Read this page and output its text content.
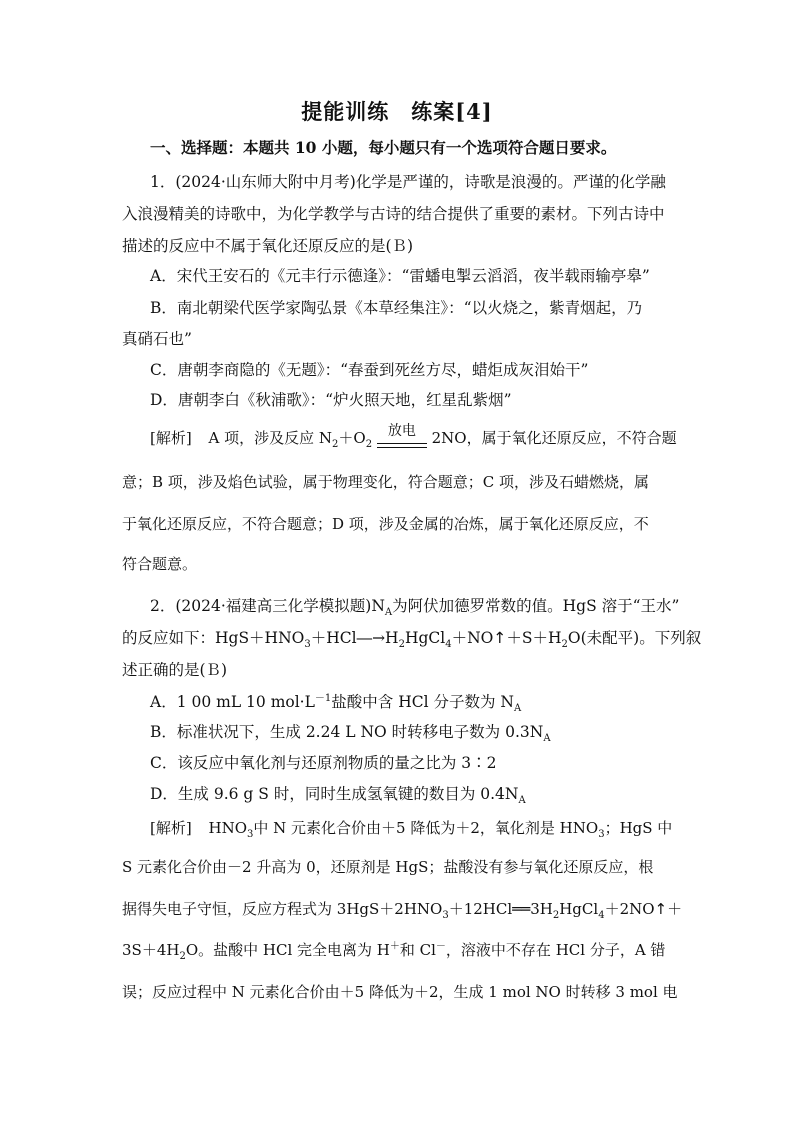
提能训练　练案[4]
一、选择题：本题共 10 小题，每小题只有一个选项符合题日要求。
1．(2024·山东师大附中月考)化学是严谨的，诗歌是浪漫的。严谨的化学融
入浪漫精美的诗歌中，为化学教学与古诗的结合提供了重要的素材。下列古诗中
描述的反应中不属于氧化还原反应的是(Ｂ)
A．宋代王安石的《元丰行示德逢》：“雷蟠电掣云滔滔，夜半载雨输亭皋”
B．南北朝梁代医学家陶弘景《本草经集注》：“以火烧之，紫青烟起，乃
真硝石也”
C．唐朝李商隐的《无题》：“春蚕到死丝方尽，蜡炬成灰泪始干”
D．唐朝李白《秋浦歌》：“炉火照天地，红星乱紫烟”
[解析] A 项，涉及反应 $N_2+O_2$
放电	2NO，属于氧化还原反应，不符合题
意；B 项，涉及焰色试验，属于物理变化，符合题意；C 项，涉及石蜡燃烧，属
于氧化还原反应，不符合题意；D 项，涉及金属的冶炼，属于氧化还原反应，不
符合题意。
2．(2024·福建高三化学模拟题)$N_A$为阿伏加德罗常数的值。HgS 溶于“王水”
的反应如下：$HgS+HNO_3+HCl―\to H_2HgCl_4+NO↑+S+H_2O$(未配平)。下列叙
述正确的是(Ｂ)
A．1 00 mL 10 $mol\cdot L^{-1}$盐酸中含 HCl 分子数为 $N_A$
B．标准状况下，生成 2.24 L NO 时转移电子数为 $0.3N_A$
C．该反应中氧化剂与还原剂物质的量之比为 3∶2
D．生成 9.6 g S 时，同时生成氢氧键的数目为 $0.4N_A$
[解析] $HNO_3$中 N 元素化合价由＋5 降低为＋2，氧化剂是 $HNO_3$；HgS 中
S 元素化合价由－2 升高为 0，还原剂是 HgS；盐酸没有参与氧化还原反应，根
据得失电子守恒，反应方程式为 $3HgS+2HNO_3+12HCl══3H_2HgCl_4+2NO↑+$
$3S+4H_2O$。盐酸中 HCl 完全电离为 H＋和 Cl－，溶液中不存在 HCl 分子，A 错
误；反应过程中 N 元素化合价由＋5 降低为＋2，生成 1 mol NO 时转移 3 mol 电
